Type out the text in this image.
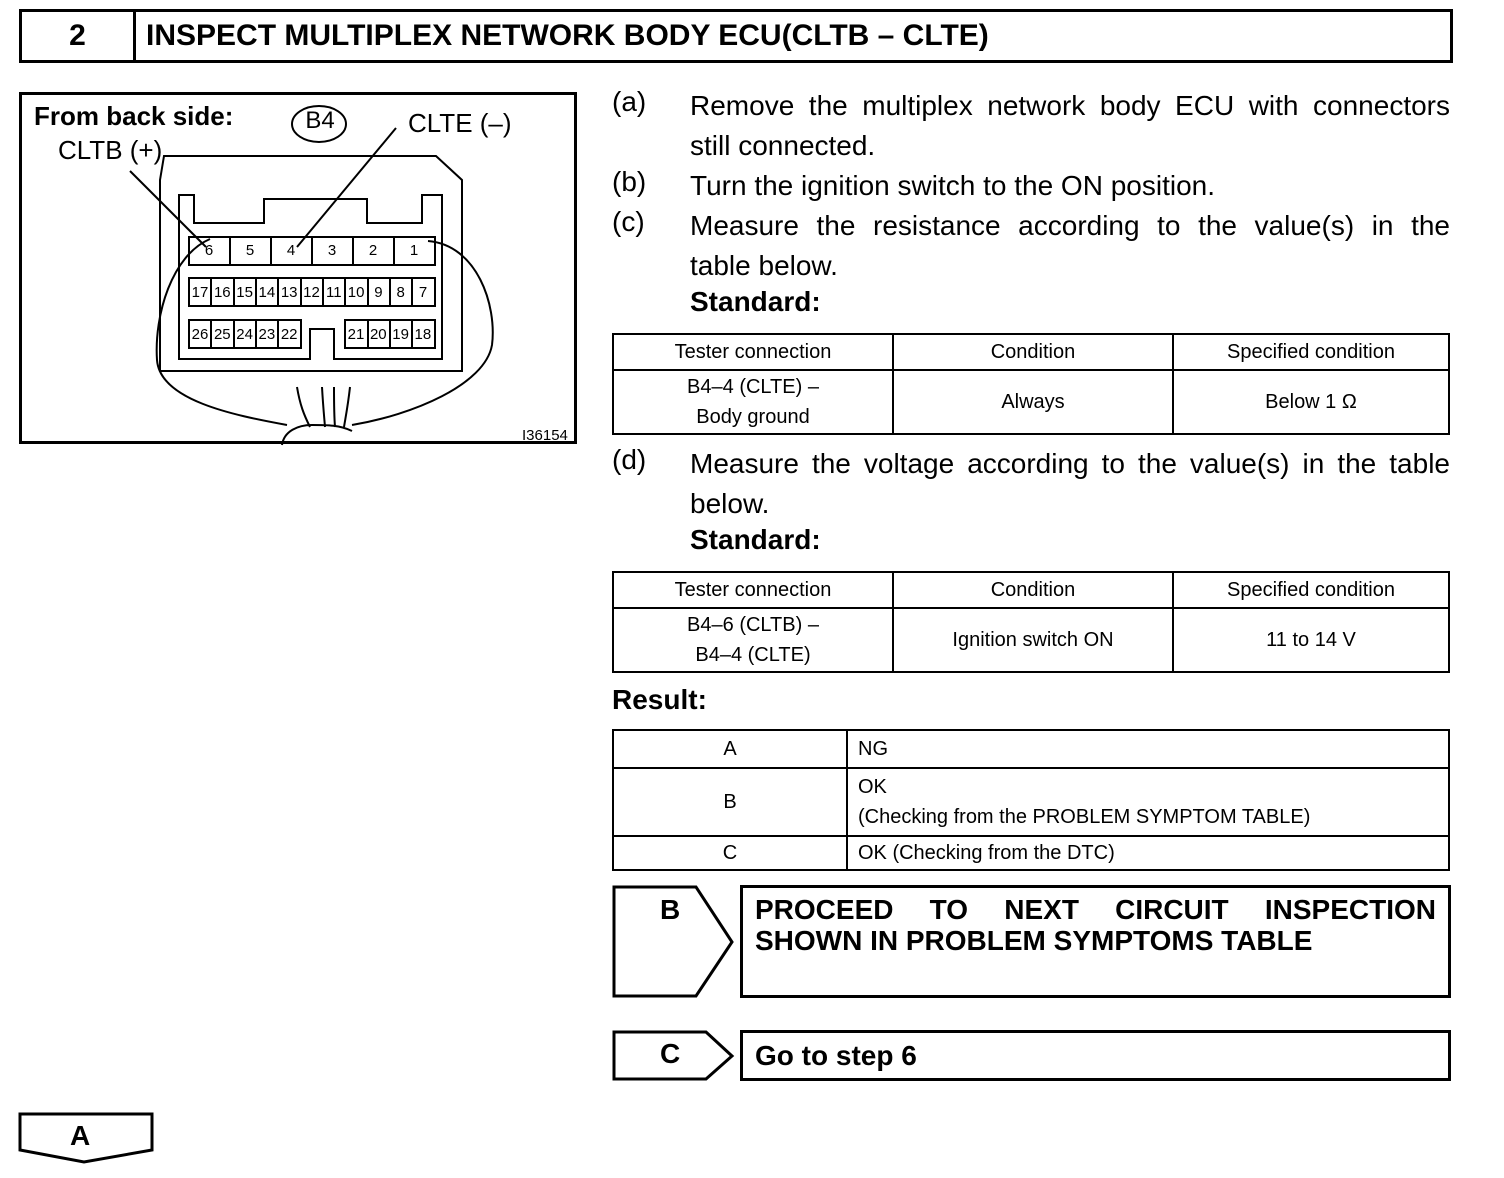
2	INSPECT MULTIPLEX NETWORK BODY ECU(CLTB – CLTE)
From back side:	B4
CLTB (+)
CLTE (–)
I36154
6	5	4	3	2	1
17 16 15 14 13 12 11 10 9 8 7
26 25 24 23 22	21 20 19 18
(a) Remove the multiplex network body ECU with connectors
still connected.
(b) Turn the ignition switch to the ON position.
(c) Measure the resistance according to the value(s) in the
table below.
Standard:
Tester connection	Condition	Specified condition

B4–4 (CLTE) –
Body ground	Always	Below 1 Ω
(d) Measure the voltage according to the value(s) in the table
below.
Standard:
Tester connection	Condition	Specified condition

B4–6 (CLTB) –
B4–4 (CLTE)	Ignition switch ON	11 to 14 V
Result:
A	NG
B	OK
(Checking from the PROBLEM SYMPTOM TABLE)

C	OK (Checking from the DTC)
B	PROCEED TO NEXT CIRCUIT INSPECTION
SHOWN IN PROBLEM SYMPTOMS TABLE
C	Go to step 6
A
